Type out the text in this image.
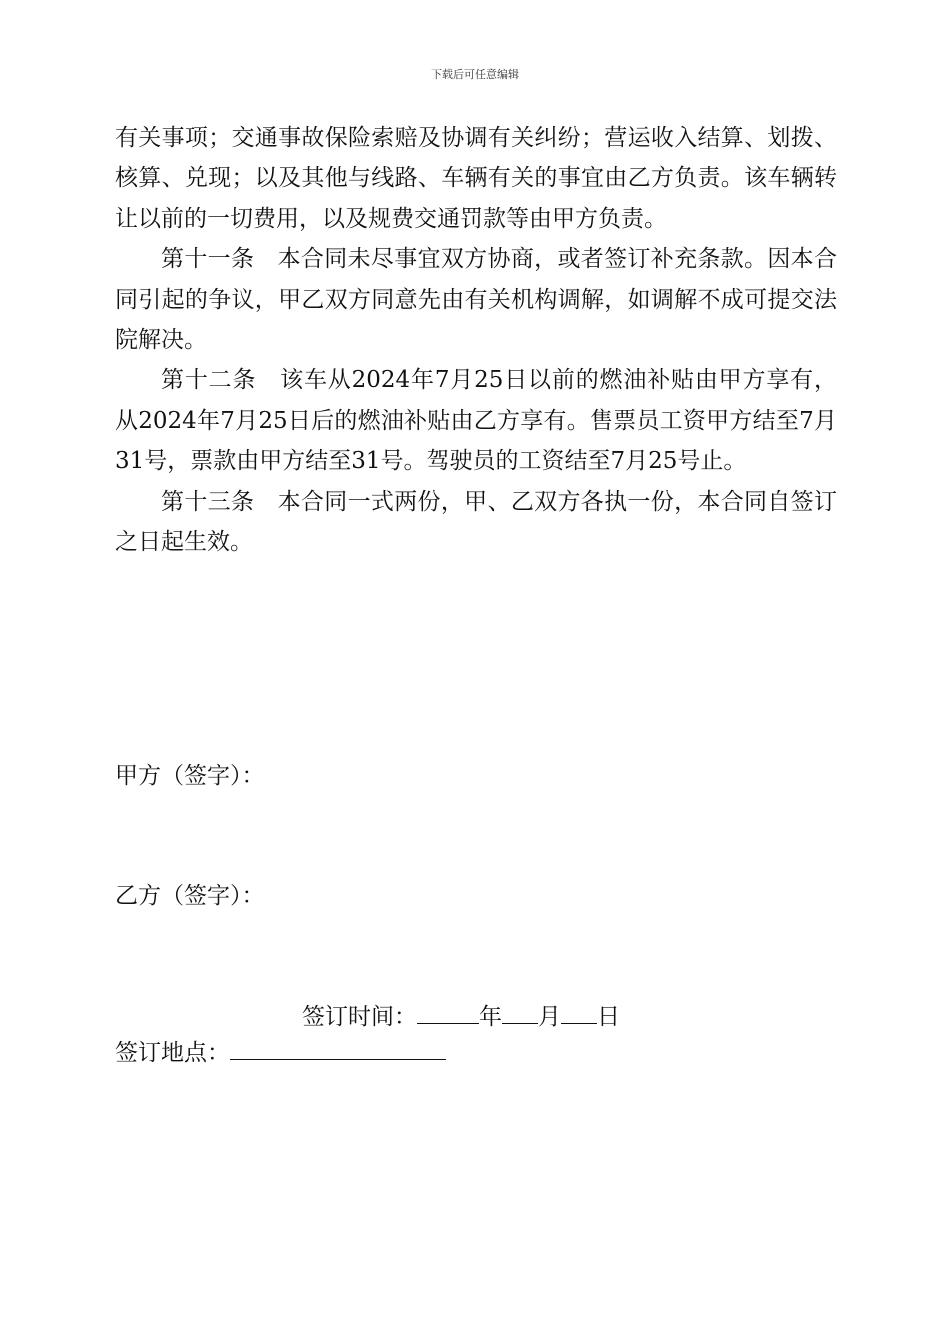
下载后可任意编辑

有关事项；交通事故保险索赔及协调有关纠纷；营运收入结算、划拨、核算、兑现；以及其他与线路、车辆有关的事宜由乙方负责。该车辆转让以前的一切费用，以及规费交通罚款等由甲方负责。

第十一条　本合同未尽事宜双方协商，或者签订补充条款。因本合同引起的争议，甲乙双方同意先由有关机构调解，如调解不成可提交法院解决。

第十二条　该车从2024年7月25日以前的燃油补贴由甲方享有，从2024年7月25日后的燃油补贴由乙方享有。售票员工资甲方结至7月31号，票款由甲方结至31号。驾驶员的工资结至7月25号止。

第十三条　本合同一式两份，甲、乙双方各执一份，本合同自签订之日起生效。

甲方（签字）：
乙方（签字）：
签订时间：	年 月 日
签订地点：
